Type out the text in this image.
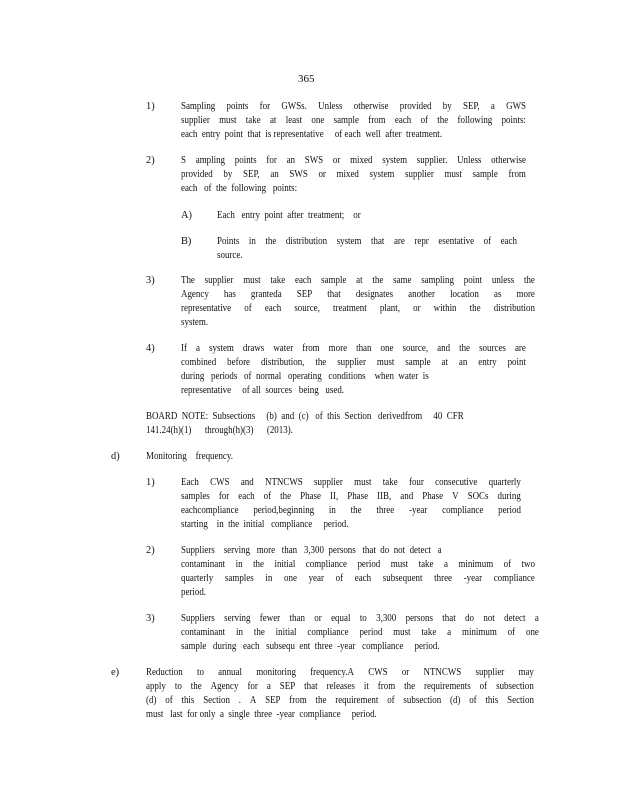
365
1)	Sampling points for GWSs. Unless otherwise provided by SEP, a GWS
supplier must take at least one sample from each of the following points:
each  entry  point  that  is representative     of each  well  after  treatment.
2)	S ampling points for an SWS or mixed system supplier. Unless otherwise
provided by SEP, an SWS or mixed system supplier must sample from
each   of  the  following   points:
A) Each   entry  point  after  treatment;    or
B) Points in the distribution system that are repr esentative of each
source.
3)	The supplier must take each sample at the same sampling point unless the
Agency has granteda SEP that designates another location as more
representative of each source, treatment plant, or within the distribution
system.
4)	If a system draws water from more than one source, and the sources are
combined before distribution, the supplier must sample at an entry point
during   periods   of  normal   operating   conditions    when  water  is
representative     of all  sources   being   used.
BOARD  NOTE:  Subsections     (b)  and  (c)   of  this  Section   derivedfrom     40  CFR
141.24(h)(1)      through(h)(3)      (2013).
d)	Monitoring    frequency.
1)	Each CWS and NTNCWS supplier must take four consecutive quarterly
samples for each of the Phase II, Phase IIB, and Phase V SOCs during
eachcompliance period,beginning in the three -year compliance period
starting    in  the  initial   compliance     period.
2)	Suppliers    serving   more   than   3,300  persons   that  do  not  detect   a
contaminant in the initial compliance period must take a minimum of two
quarterly samples in one year of each subsequent three -year compliance
period.
3)	Suppliers serving fewer than or equal to 3,300 persons that do not detect a
contaminant in the initial compliance period must take a minimum of one
sample   during   each   subsequ  ent  three  -year   compliance     period.
e)	Reduction to annual monitoring frequency.A CWS or NTNCWS supplier may
apply to the Agency for a SEP that releases it from the requirements of subsection
(d) of this Section . A SEP from the requirement of subsection (d) of this Section
must   last  for only  a  single  three  -year  compliance     period.
